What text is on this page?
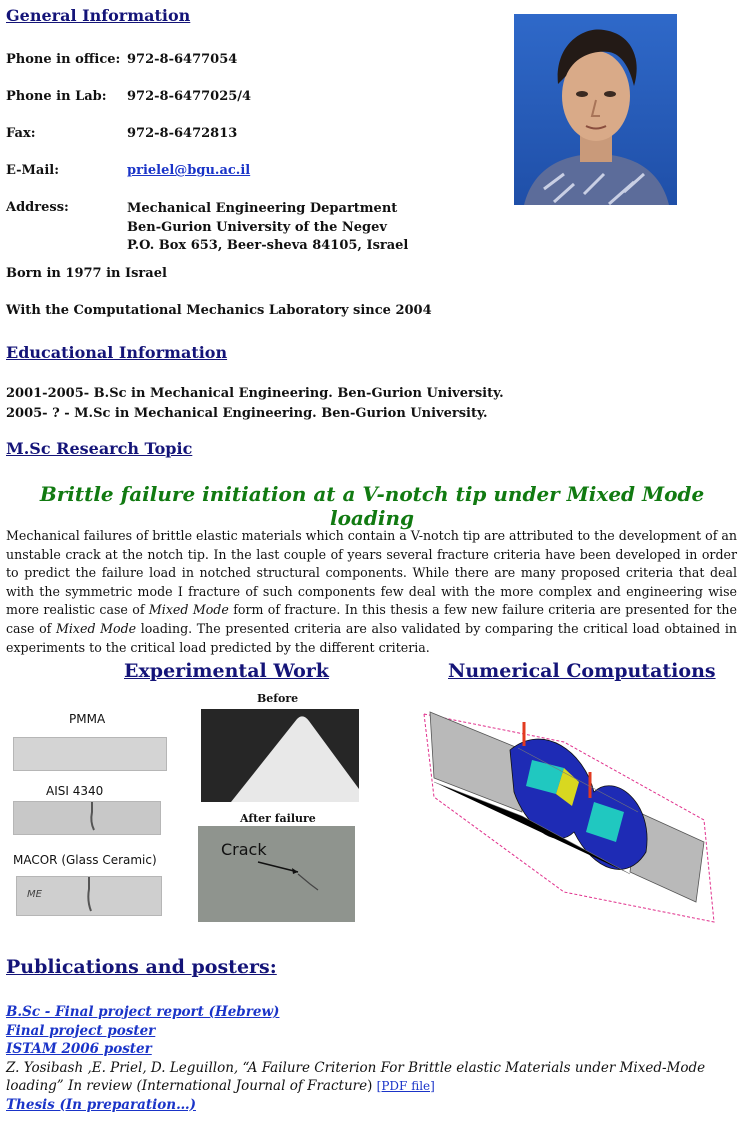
General Information
Phone in office: 972-8-6477054
Phone in Lab: 972-8-6477025/4
Fax:	972-8-6472813
E-Mail:	prielel@bgu.ac.il
Address:	Mechanical Engineering Department
Ben-Gurion University of the Negev
P.O. Box 653, Beer-sheva 84105, Israel
Born in 1977 in Israel
With the Computational Mechanics Laboratory since 2004
Educational Information
2001-2005- B.Sc in Mechanical Engineering. Ben-Gurion University.
2005- ? - M.Sc in Mechanical Engineering. Ben-Gurion University.
M.Sc Research Topic
Brittle failure initiation at a V-notch tip under Mixed Mode loading
Mechanical failures of brittle elastic materials which contain a V-notch tip are attributed to the development of an unstable crack at the notch tip. In the last couple of years several fracture criteria have been developed in order to predict the failure load in notched structural components. While there are many proposed criteria that deal with the symmetric mode I fracture of such components few deal with the more complex and engineering wise more realistic case of Mixed Mode form of fracture. In this thesis a few new failure criteria are presented for the case of Mixed Mode loading. The presented criteria are also validated by comparing the critical load obtained in experiments to the critical load predicted by the different criteria.
Experimental Work
PMMA
AISI 4340
MACOR (Glass Ceramic)
ME
Before
After failure
Crack
Numerical Computations
Publications and posters:
B.Sc - Final project report (Hebrew)
Final project poster
ISTAM 2006 poster
Z. Yosibash ,E. Priel, D. Leguillon, “A Failure Criterion For Brittle elastic Materials under Mixed-Mode loading” In review (International Journal of Fracture) [PDF file]
Thesis (In preparation…)
